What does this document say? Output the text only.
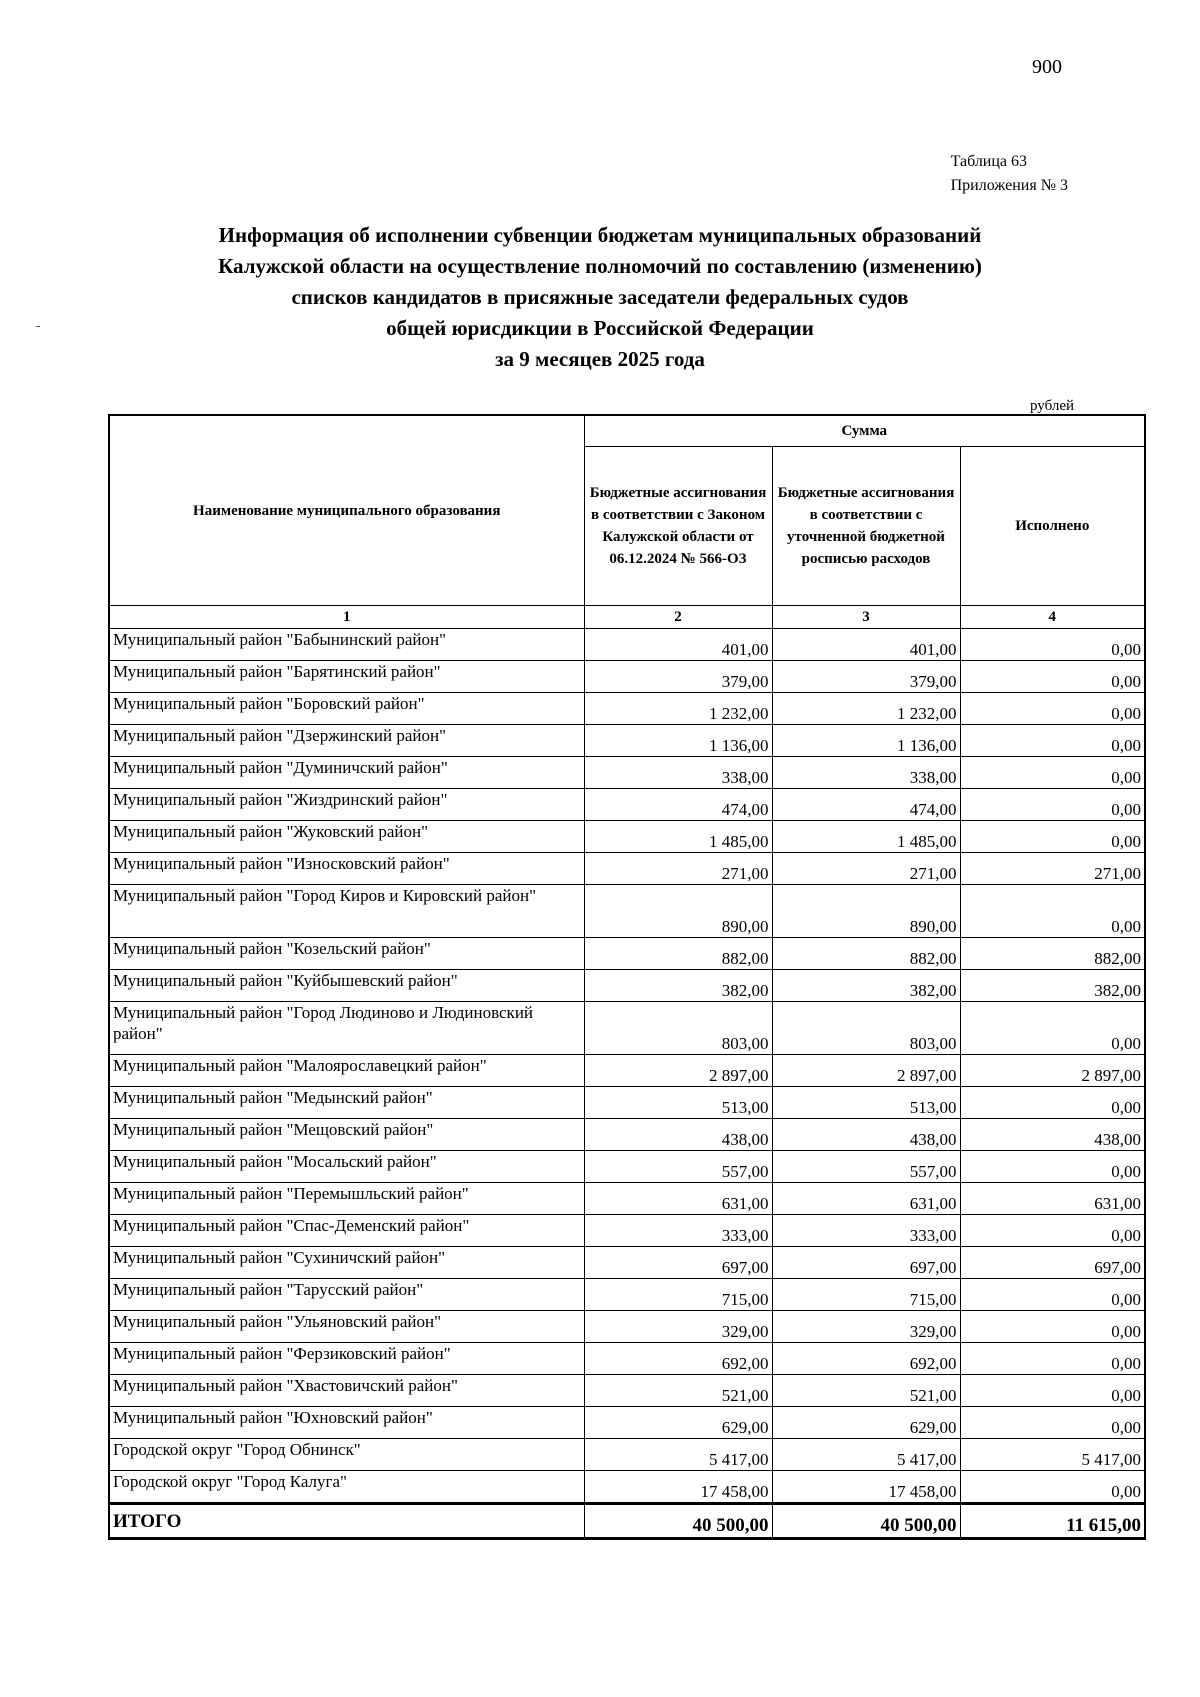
900
Таблица 63
Приложения № 3
Информация об исполнении субвенции бюджетам муниципальных образований
Калужской области на осуществление полномочий по составлению (изменению)
списков кандидатов в присяжные заседатели федеральных судов
общей юрисдикции в Российской Федерации
за 9 месяцев 2025 года
рублей
Наименование муниципального образования	Сумма		
	Бюджетные ассигнования в соответствии с Законом Калужской области от 06.12.2024 № 566-ОЗ	Бюджетные ассигнования в соответствии с уточненной бюджетной росписью расходов	Исполнено
1	2	3	4
Муниципальный район "Бабынинский район"	401,00	401,00	0,00
Муниципальный район "Барятинский район"	379,00	379,00	0,00
Муниципальный район "Боровский район"	1 232,00	1 232,00	0,00
Муниципальный район "Дзержинский район"	1 136,00	1 136,00	0,00
Муниципальный район "Думиничский район"	338,00	338,00	0,00
Муниципальный район "Жиздринский район"	474,00	474,00	0,00
Муниципальный район "Жуковский район"	1 485,00	1 485,00	0,00
Муниципальный район "Износковский район"	271,00	271,00	271,00
Муниципальный район "Город Киров и Кировский район"	890,00	890,00	0,00
Муниципальный район "Козельский район"	882,00	882,00	882,00
Муниципальный район "Куйбышевский район"	382,00	382,00	382,00
Муниципальный район "Город Людиново и Людиновский район"	803,00	803,00	0,00
Муниципальный район "Малоярославецкий район"	2 897,00	2 897,00	2 897,00
Муниципальный район "Медынский район"	513,00	513,00	0,00
Муниципальный район "Мещовский район"	438,00	438,00	438,00
Муниципальный район "Мосальский район"	557,00	557,00	0,00
Муниципальный район "Перемышльский район"	631,00	631,00	631,00
Муниципальный район "Спас-Деменский район"	333,00	333,00	0,00
Муниципальный район "Сухиничский район"	697,00	697,00	697,00
Муниципальный район "Тарусский район"	715,00	715,00	0,00
Муниципальный район "Ульяновский район"	329,00	329,00	0,00
Муниципальный район "Ферзиковский район"	692,00	692,00	0,00
Муниципальный район "Хвастовичский район"	521,00	521,00	0,00
Муниципальный район "Юхновский район"	629,00	629,00	0,00
Городской округ "Город Обнинск"	5 417,00	5 417,00	5 417,00
Городской округ "Город Калуга"	17 458,00	17 458,00	0,00
ИТОГО	40 500,00	40 500,00	11 615,00
